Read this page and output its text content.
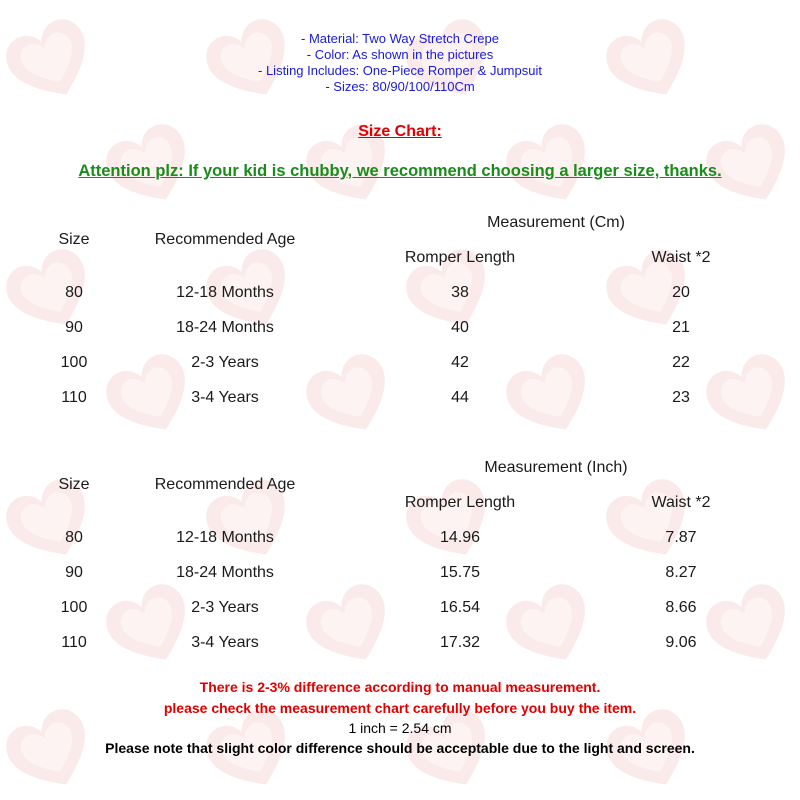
- Material: Two Way Stretch Crepe
- Color: As shown in the pictures
- Listing Includes: One-Piece Romper & Jumpsuit
- Sizes: 80/90/100/110Cm
Size Chart:
Attention plz: If your kid is chubby, we recommend choosing a larger size, thanks.
Measurement (Cm)
Size	Recommended Age
Romper Length	Waist *2
80	12-18 Months	38	20
90	18-24 Months	40	21
100	2-3 Years	42	22
110	3-4 Years	44	23
Measurement (Inch)
Size	Recommended Age
Romper Length	Waist *2
80	12-18 Months	14.96	7.87
90	18-24 Months	15.75	8.27
100	2-3 Years	16.54	8.66
110	3-4 Years	17.32	9.06
There is 2-3% difference according to manual measurement.
please check the measurement chart carefully before you buy the item.
1 inch = 2.54 cm
Please note that slight color difference should be acceptable due to the light and screen.
